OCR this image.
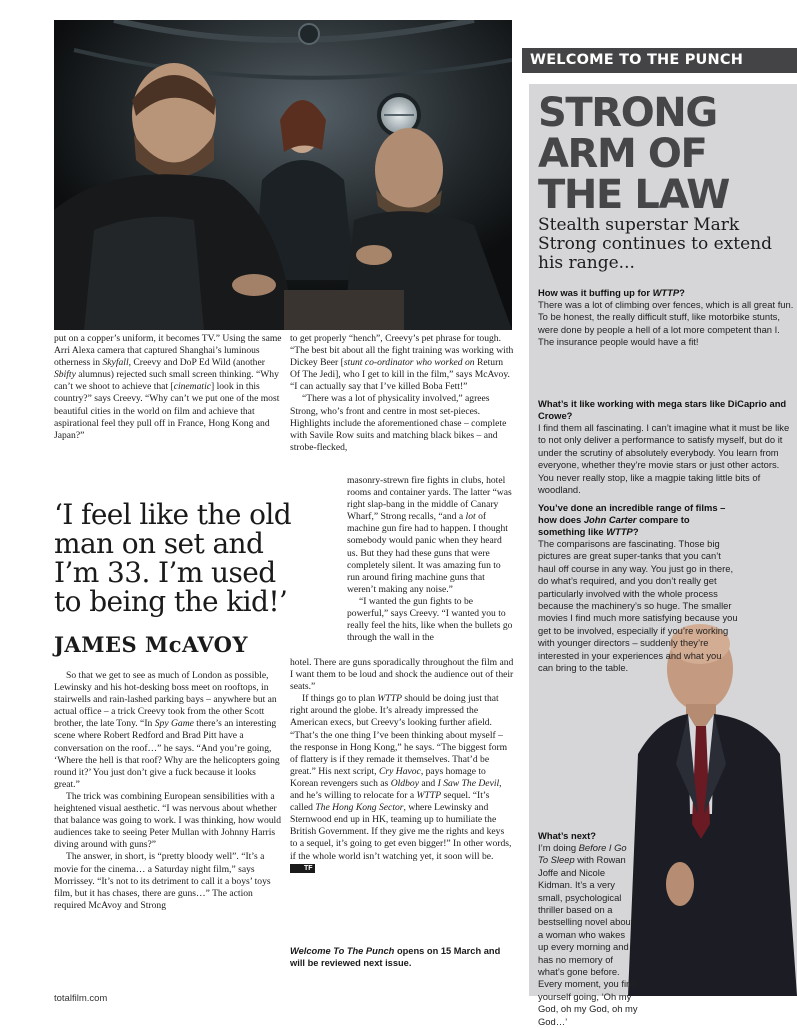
put on a copper’s uniform, it becomes TV.” Using the same Arri Alexa camera that captured Shanghai’s luminous otherness in Skyfall, Creevy and DoP Ed Wild (another Sbifty alumnus) rejected such small screen thinking. “Why can’t we shoot to achieve that [cinematic] look in this country?” says Creevy. “Why can’t we put one of the most beautiful cities in the world on film and achieve that aspirational feel they pull off in France, Hong Kong and Japan?”

‘I feel like the old man on set and I’m 33. I’m used to being the kid!’
JAMES McAVOY

So that we get to see as much of London as possible, Lewinsky and his hot-desking boss meet on rooftops, in stairwells and rain-lashed parking bays – anywhere but an actual office – a trick Creevy took from the other Scott brother, the late Tony. “In Spy Game there’s an interesting scene where Robert Redford and Brad Pitt have a conversation on the roof…” he says. “And you’re going, ‘Where the hell is that roof? Why are the helicopters going round it?’ You just don’t give a fuck because it looks great.”

The trick was combining European sensibilities with a heightened visual aesthetic. “I was nervous about whether that balance was going to work. I was thinking, how would audiences take to seeing Peter Mullan with Johnny Harris diving around with guns?”

The answer, in short, is “pretty bloody well”. “It’s a movie for the cinema… a Saturday night film,” says Morrissey. “It’s not to its detriment to call it a boys’ toys film, but it has chases, there are guns…” The action required McAvoy and Strong

to get properly “hench”, Creevy’s pet phrase for tough. “The best bit about all the fight training was working with Dickey Beer [stunt co-ordinator who worked on Return Of The Jedi], who I get to kill in the film,” says McAvoy. “I can actually say that I’ve killed Boba Fett!”

“There was a lot of physicality involved,” agrees Strong, who’s front and centre in most set-pieces. Highlights include the aforementioned chase – complete with Savile Row suits and matching black bikes – and strobe-flecked,

masonry-strewn fire fights in clubs, hotel rooms and container yards. The latter “was right slap-bang in the middle of Canary Wharf,” Strong recalls, “and a lot of machine gun fire had to happen. I thought somebody would panic when they heard us. But they had these guns that were completely silent. It was amazing fun to run around firing machine guns that weren’t making any noise.”

“I wanted the gun fights to be powerful,” says Creevy. “I wanted you to really feel the hits, like when the bullets go through the wall in the

hotel. There are guns sporadically throughout the film and I want them to be loud and shock the audience out of their seats.”

If things go to plan WTTP should be doing just that right around the globe. It’s already impressed the American execs, but Creevy’s looking further afield. “That’s the one thing I’ve been thinking about myself – the response in Hong Kong,” he says. “The biggest form of flattery is if they remade it themselves. That’d be great.” His next script, Cry Havoc, pays homage to Korean revengers such as Oldboy and I Saw The Devil, and he’s willing to relocate for a WTTP sequel. “It’s called The Hong Kong Sector, where Lewinsky and Sternwood end up in HK, teaming up to humiliate the British Government. If they give me the rights and keys to a sequel, it’s going to get even bigger!” In other words, if the whole world isn’t watching yet, it soon will be. TF

Welcome To The Punch opens on 15 March and will be reviewed next issue.
totalfilm.com
WELCOME TO THE PUNCH
STRONG ARM OF THE LAW
Stealth superstar Mark Strong continues to extend his range...
How was it buffing up for WTTP?
There was a lot of climbing over fences, which is all great fun. To be honest, the really difficult stuff, like motorbike stunts, were done by people a hell of a lot more competent than I. The insurance people would have a fit!
What’s it like working with mega stars like DiCaprio and Crowe?
I find them all fascinating. I can’t imagine what it must be like to not only deliver a performance to satisfy myself, but do it under the scrutiny of absolutely everybody. You learn from everyone, whether they’re movie stars or just other actors. You never really stop, like a magpie taking little bits of woodland.
You’ve done an incredible range of films – how does John Carter compare to something like WTTP?
The comparisons are fascinating. Those big pictures are great super-tanks that you can’t haul off course in any way. You just go in there, do what’s required, and you don’t really get particularly involved with the whole process because the machinery’s so huge. The smaller movies I find much more satisfying because you get to be involved, especially if you’re working with younger directors – suddenly they’re interested in your experiences and what you can bring to the table.
What’s next?
I’m doing Before I Go To Sleep with Rowan Joffe and Nicole Kidman. It’s a very small, psychological thriller based on a bestselling novel about a woman who wakes up every morning and has no memory of what’s gone before. Every moment, you find yourself going, ‘Oh my God, oh my God, oh my God…’
